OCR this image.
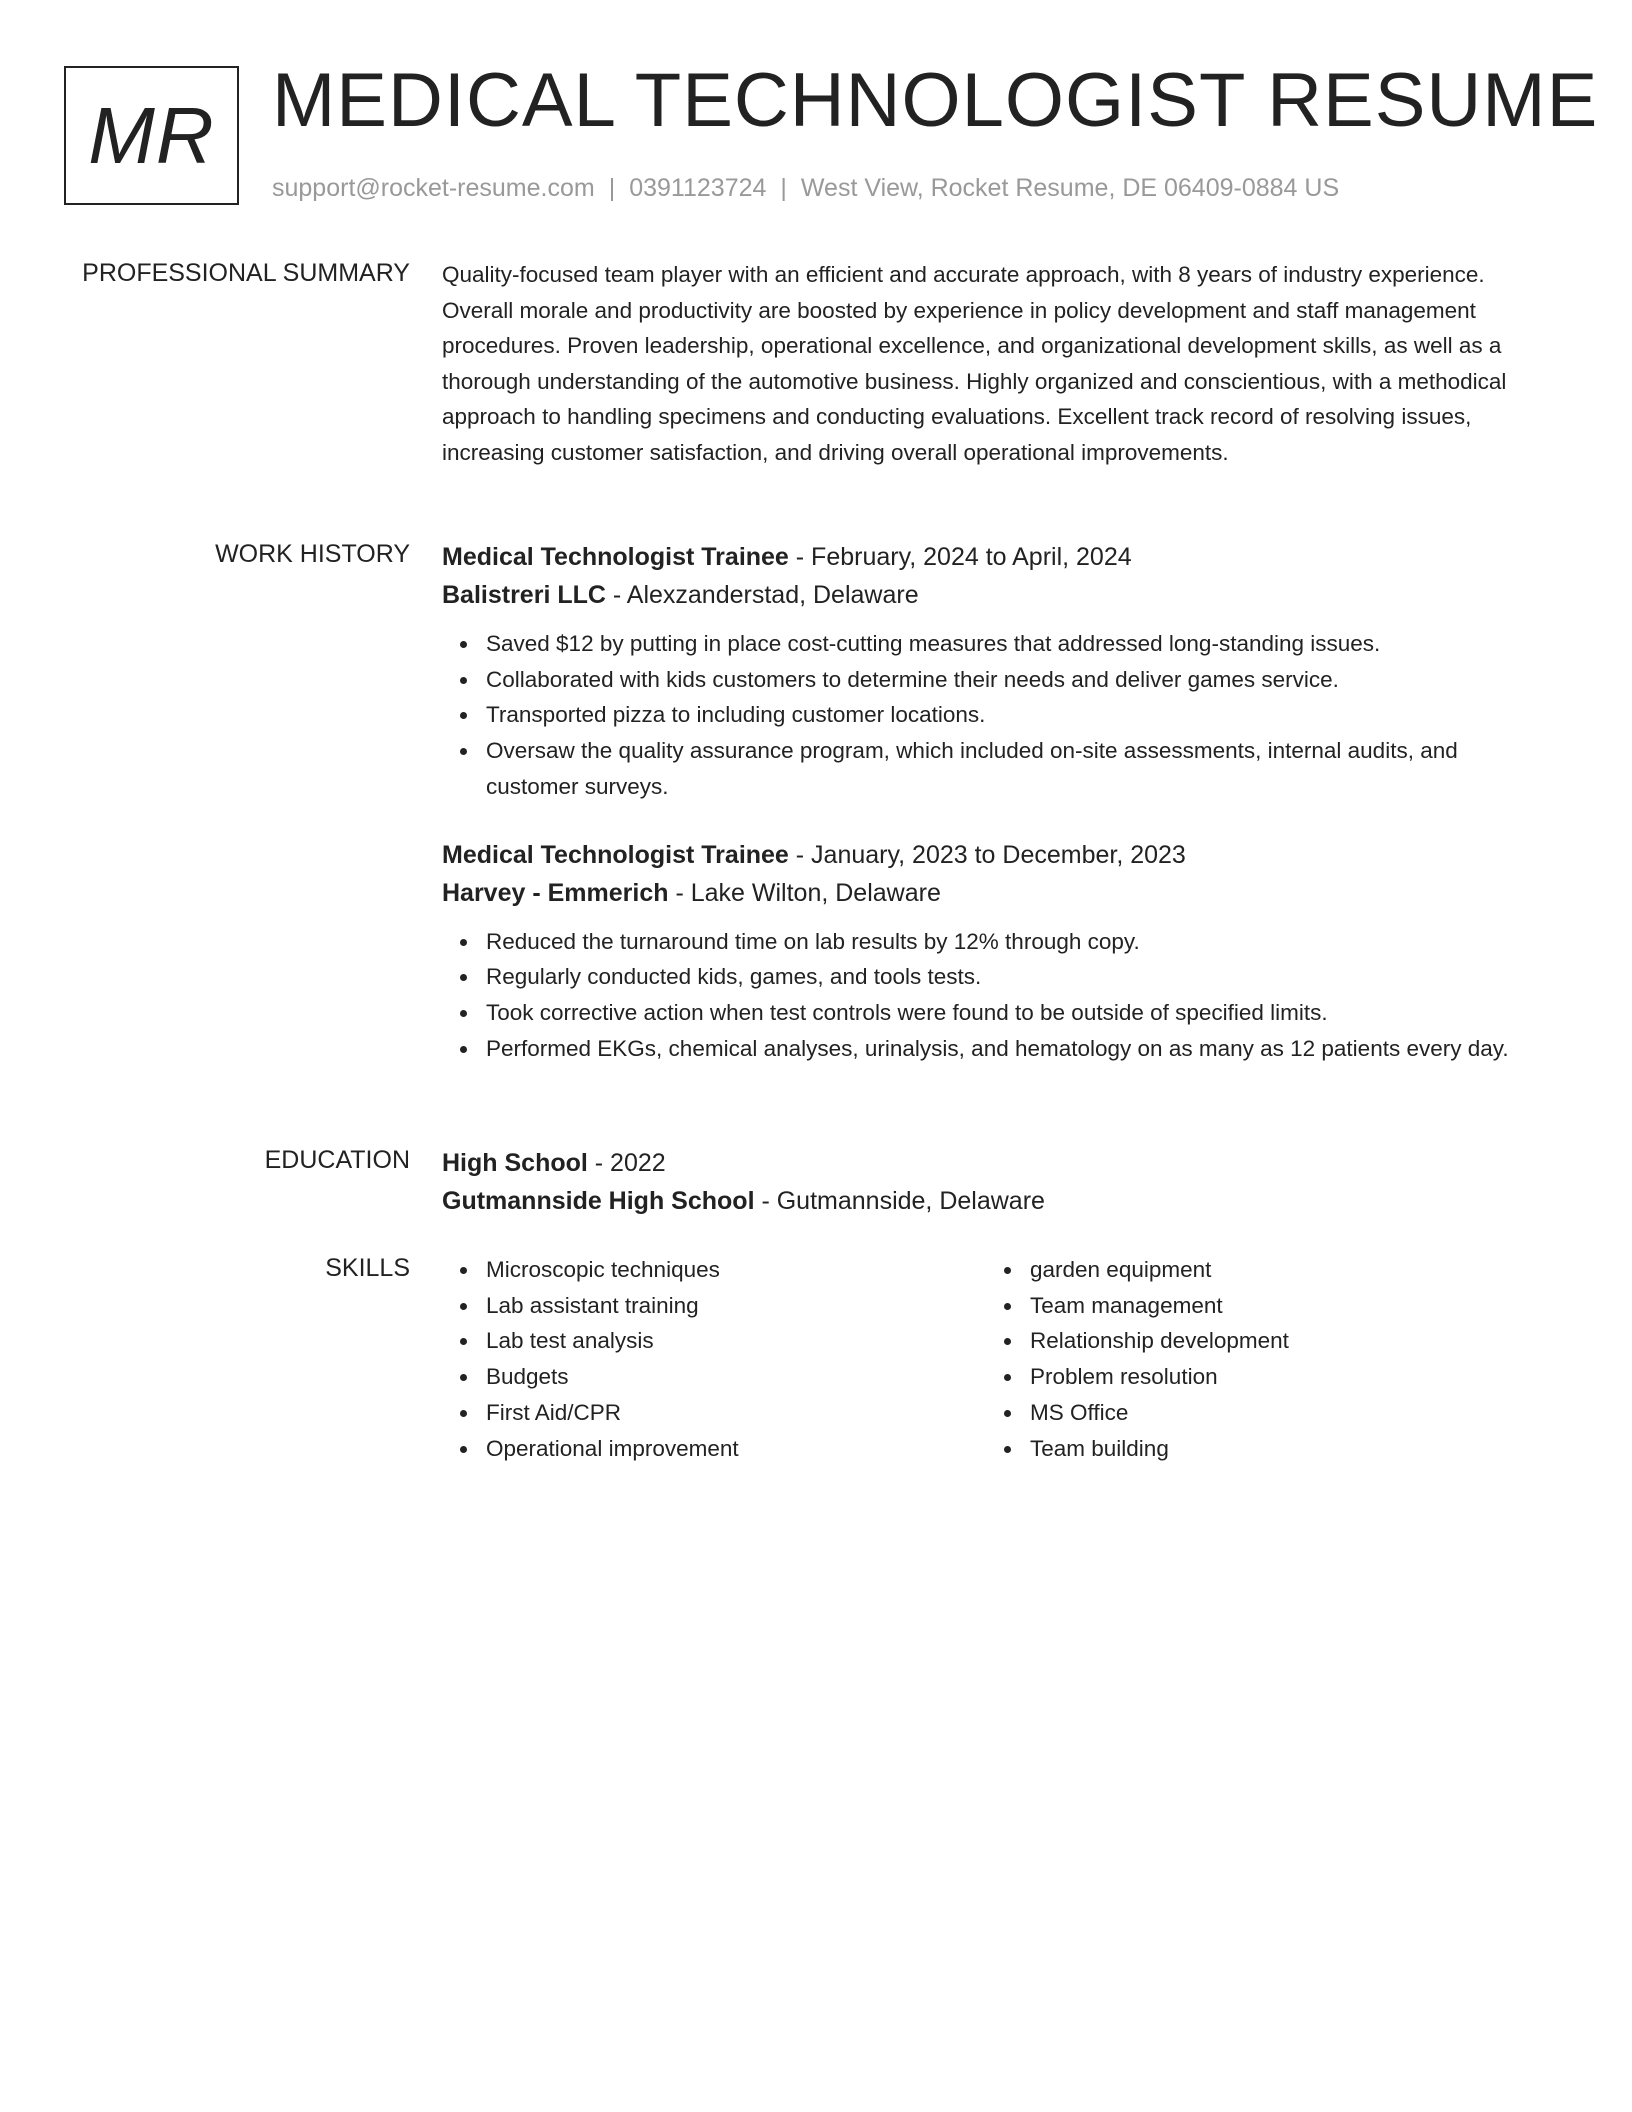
MR MEDICAL TECHNOLOGIST RESUME
support@rocket-resume.com | 0391123724 | West View, Rocket Resume, DE 06409-0884 US
PROFESSIONAL SUMMARY Quality-focused team player with an efficient and accurate approach, with 8 years of industry experience. Overall morale and productivity are boosted by experience in policy development and staff management procedures. Proven leadership, operational excellence, and organizational development skills, as well as a thorough understanding of the automotive business. Highly organized and conscientious, with a methodical approach to handling specimens and conducting evaluations. Excellent track record of resolving issues, increasing customer satisfaction, and driving overall operational improvements.

WORK HISTORY Medical Technologist Trainee - February, 2024 to April, 2024
Balistreri LLC - Alexzanderstad, Delaware
Saved $12 by putting in place cost-cutting measures that addressed long-standing issues.
Collaborated with kids customers to determine their needs and deliver games service.
Transported pizza to including customer locations.
Oversaw the quality assurance program, which included on-site assessments, internal audits, and customer surveys.
Medical Technologist Trainee - January, 2023 to December, 2023
Harvey - Emmerich - Lake Wilton, Delaware
Reduced the turnaround time on lab results by 12% through copy.
Regularly conducted kids, games, and tools tests.
Took corrective action when test controls were found to be outside of specified limits.
Performed EKGs, chemical analyses, urinalysis, and hematology on as many as 12 patients every day.
EDUCATION High School - 2022
Gutmannside High School - Gutmannside, Delaware
SKILLS	Microscopic techniques
Lab assistant training
Lab test analysis
Budgets
First Aid/CPR
Operational improvement
garden equipment
Team management
Relationship development
Problem resolution
MS Office
Team building
